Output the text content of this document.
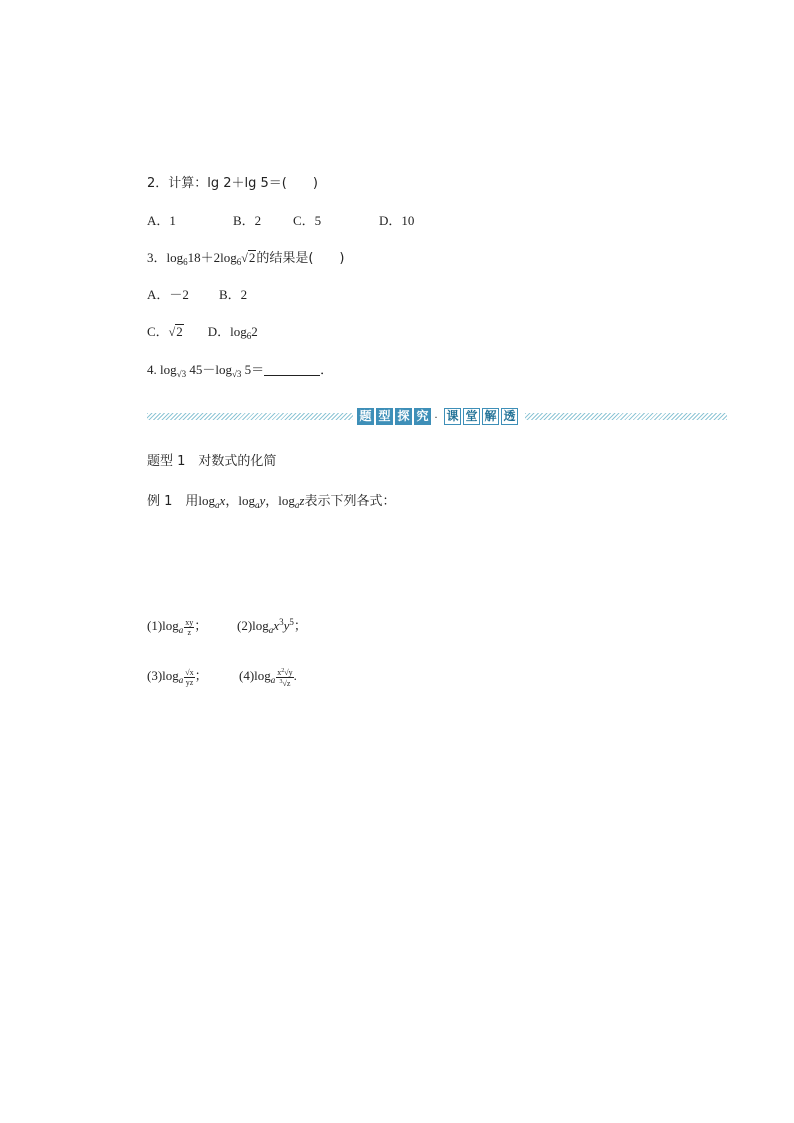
2．计算：lg 2＋lg 5＝(　　)
A．1	B．2 C．5	D．10
3．$\log_618+2\log_6√2$的结果是(　　)
A．－2 B．2
C．√2 D．$\log_62$
4. $\log_{√3} 45-\log_{√3}$ 5＝	．
题 型 探 究 · 课 堂 解 透
题型 1　对数式的化简
例 1　用$\log_ax$，$\log_ay$，$\log_az$表示下列各式：
$(1)\log_a \frac{xy}{z}$ ； $(2)\log_ax^3y^5$；
$(3)\log_a \frac{√x}{yz}$ ； $(4)\log_a \frac{x^2√y}{^3√z}$ .
